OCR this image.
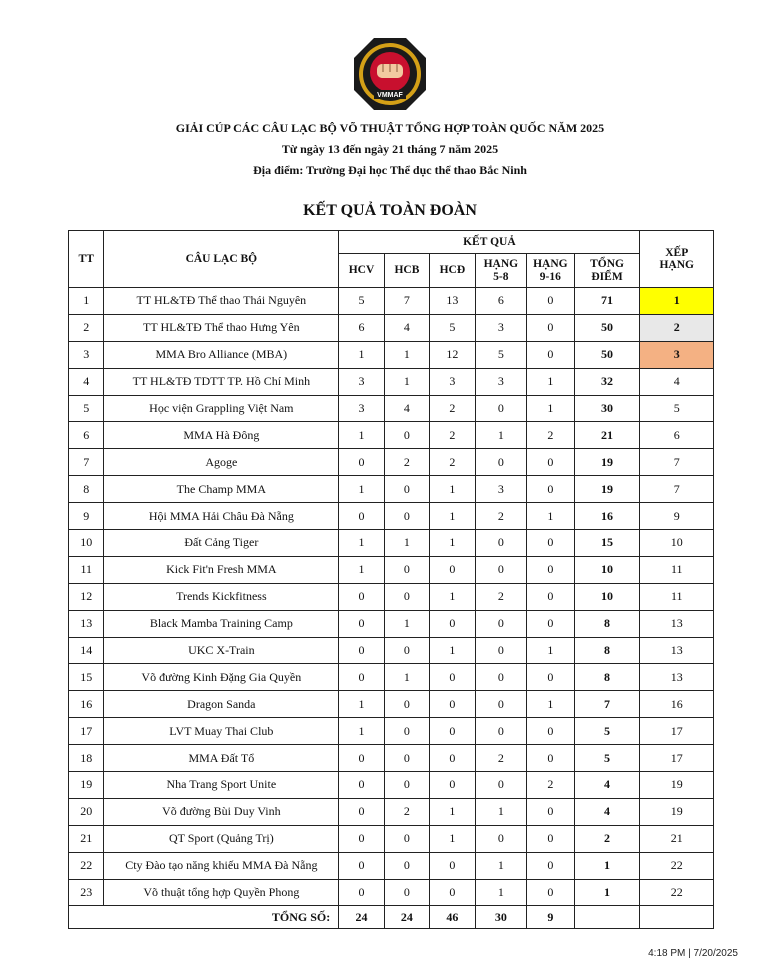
VMMAF
GIẢI CÚP CÁC CÂU LẠC BỘ VÕ THUẬT TỔNG HỢP TOÀN QUỐC NĂM 2025
Từ ngày 13 đến ngày 21 tháng 7 năm 2025
Địa điểm: Trường Đại học Thể dục thể thao Bắc Ninh
KẾT QUẢ TOÀN ĐOÀN
TT	CÂU LẠC BỘ	KẾT QUẢ						XẾP HẠNG
		HCV	HCB	HCĐ	HẠNG 5-8	HẠNG 9-16	TỔNG ĐIỂM	
1	TT HL&TĐ Thể thao Thái Nguyên	5	7	13	6	0	71	1
2	TT HL&TĐ Thể thao Hưng Yên	6	4	5	3	0	50	2
3	MMA Bro Alliance (MBA)	1	1	12	5	0	50	3
4	TT HL&TĐ TDTT TP. Hồ Chí Minh	3	1	3	3	1	32	4
5	Học viện Grappling Việt Nam	3	4	2	0	1	30	5
6	MMA Hà Đông	1	0	2	1	2	21	6
7	Agoge	0	2	2	0	0	19	7
8	The Champ MMA	1	0	1	3	0	19	7
9	Hội MMA Hải Châu Đà Nẵng	0	0	1	2	1	16	9
10	Đất Cảng Tiger	1	1	1	0	0	15	10
11	Kick Fit'n Fresh MMA	1	0	0	0	0	10	11
12	Trends Kickfitness	0	0	1	2	0	10	11
13	Black Mamba Training Camp	0	1	0	0	0	8	13
14	UKC X-Train	0	0	1	0	1	8	13
15	Võ đường Kinh Đặng Gia Quyền	0	1	0	0	0	8	13
16	Dragon Sanda	1	0	0	0	1	7	16
17	LVT Muay Thai Club	1	0	0	0	0	5	17
18	MMA Đất Tổ	0	0	0	2	0	5	17
19	Nha Trang Sport Unite	0	0	0	0	2	4	19
20	Võ đường Bùi Duy Vinh	0	2	1	1	0	4	19
21	QT Sport (Quảng Trị)	0	0	1	0	0	2	21
22	Cty Đào tạo năng khiếu MMA Đà Nẵng	0	0	0	1	0	1	22
23	Võ thuật tổng hợp Quyền Phong	0	0	0	1	0	1	22
TỔNG SỐ:		24	24	46	30	9		
4:18 PM | 7/20/2025
